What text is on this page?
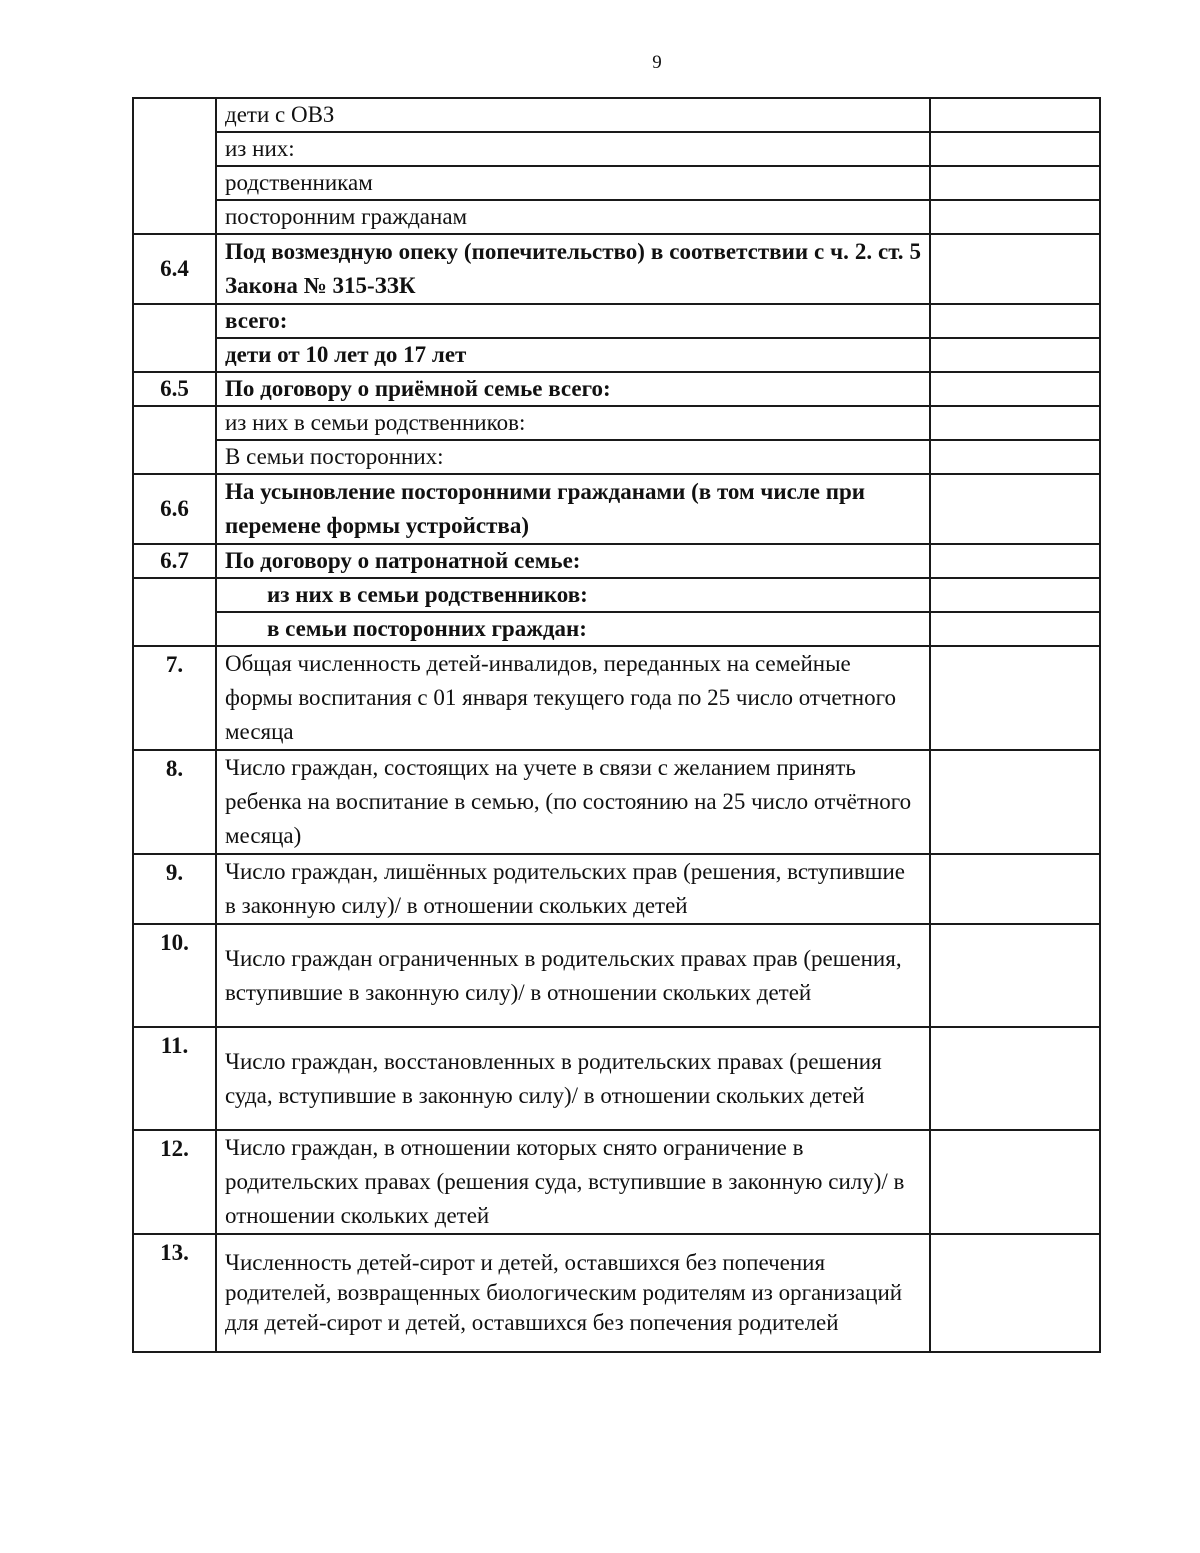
9
	дети с ОВЗ	
	из них:	
	родственникам	
	посторонним гражданам	
6.4	Под возмездную опеку (попечительство) в соответствии с ч. 2. ст. 5 Закона № 315-ЗЗК	
	всего:	
	дети от 10 лет до 17 лет	
6.5	По договору о приёмной семье всего:	
	из них в семьи родственников:	
	В семьи посторонних:	
6.6	На усыновление посторонними гражданами (в том числе при перемене формы устройства)	
6.7	По договору о патронатной семье:	
	из них в семьи родственников:	
	в семьи посторонних граждан:	
7.	Общая численность детей-инвалидов, переданных на семейные формы воспитания с 01 января текущего года по 25 число отчетного месяца	
8.	Число граждан, состоящих на учете в связи с желанием принять ребенка на воспитание в семью, (по состоянию на 25 число отчётного месяца)	
9.	Число граждан, лишённых родительских прав (решения, вступившие в законную силу)/ в отношении скольких детей	
10.	Число граждан ограниченных в родительских правах прав (решения, вступившие в законную силу)/ в отношении скольких детей	
11.	Число граждан, восстановленных в родительских правах (решения суда, вступившие в законную силу)/ в отношении скольких детей	
12.	Число граждан, в отношении которых снято ограничение в родительских правах (решения суда, вступившие в законную силу)/ в отношении скольких детей	
13.	Численность детей-сирот и детей, оставшихся без попечения родителей, возвращенных биологическим родителям из организаций для детей-сирот и детей, оставшихся без попечения родителей	
